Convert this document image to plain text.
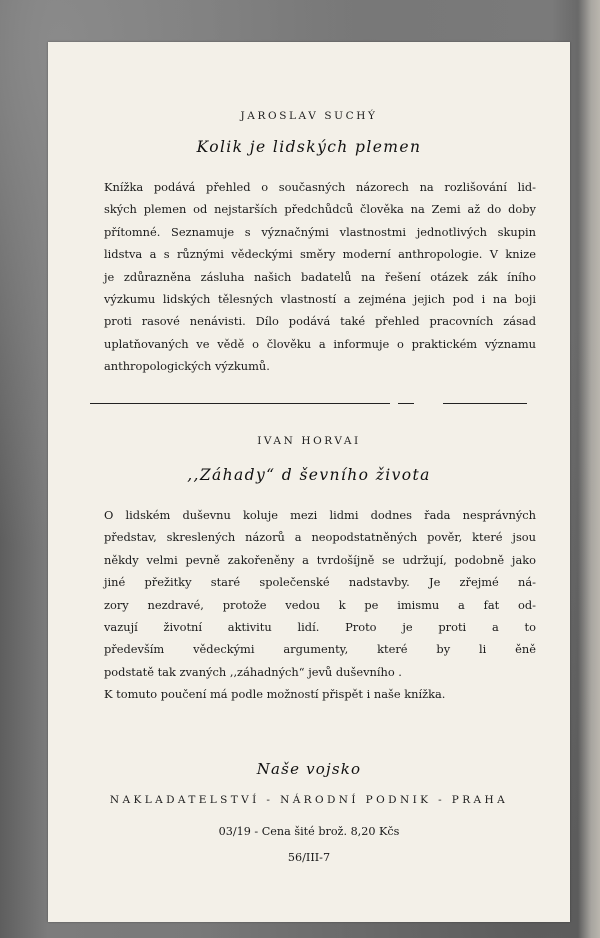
JAROSLAV SUCHÝ
Kolik je lidských plemen
Knížka podává přehled o současných názorech na rozlišování lid-
ských plemen od nejstarších předchůdců člověka na Zemi až do doby
přítomné. Seznamuje s význačnými vlastnostmi jednotlivých skupin
lidstva a s různými vědeckými směry moderní anthropologie. V knize
je zdůrazněna zásluha našich badatelů na řešení otázek zák íního
výzkumu lidských tělesných vlastností a zejména jejich pod i na boji
proti rasové nenávisti. Dílo podává také přehled pracovních zásad
uplatňovaných ve vědě o člověku a informuje o praktickém významu
anthropologických výzkumů.
IVAN HORVAI
,,Záhady“ d ševního života
O lidském duševnu koluje mezi lidmi dodnes řada nesprávných
představ, skreslených názorů a neopodstatněných pověr, které jsou
někdy velmi pevně zakořeněny a tvrdošíjně se udržují, podobně jako
jiné přežitky staré společenské nadstavby. Je zřejmé ná-
zory nezdravé, protože vedou k pe imismu a fat od-
vazují životní aktivitu lidí. Proto je proti a to
především vědeckými argumenty, které by li ěně
podstatě tak zvaných ,,záhadných“ jevů duševního .
K tomuto poučení má podle možností přispět i naše knížka.
Naše vojsko
NAKLADATELSTVÍ - NÁRODNÍ PODNIK - PRAHA
03/19 - Cena šité brož. 8,20 Kčs
56/III-7
